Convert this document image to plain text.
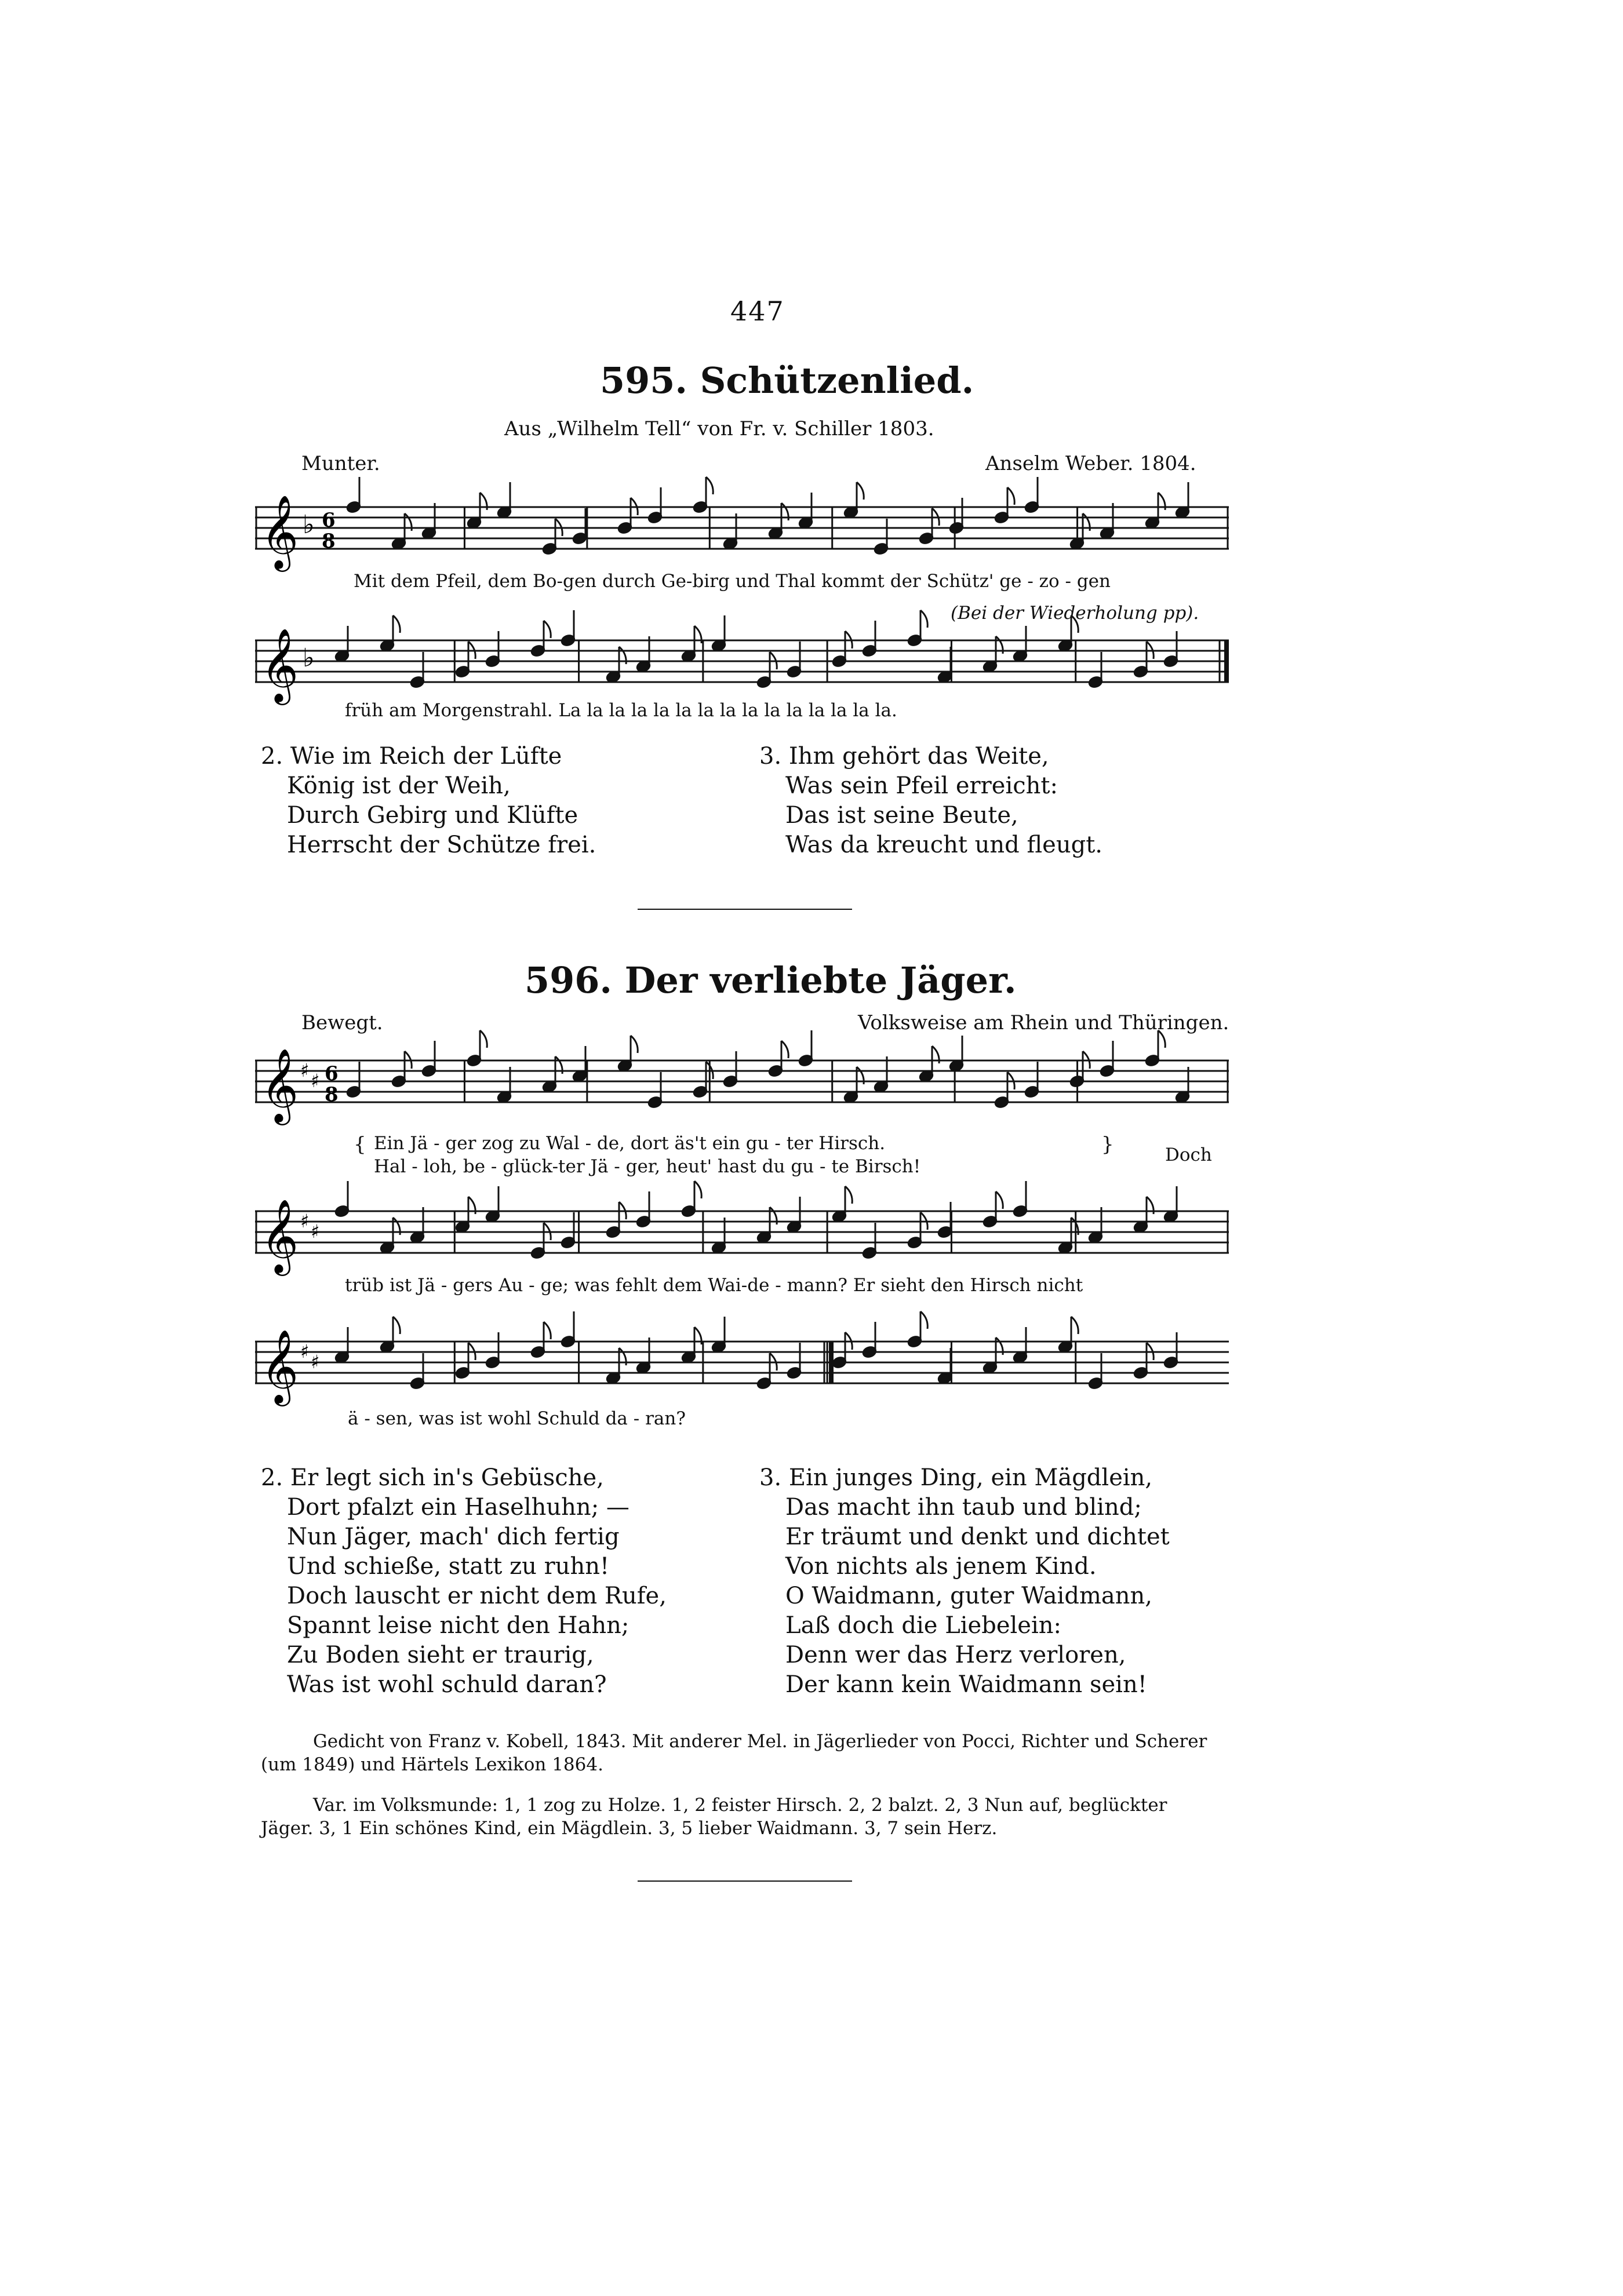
447
595. Schützenlied.
Aus „Wilhelm Tell“ von Fr. v. Schiller 1803.
Munter.	Anselm Weber. 1804.
𝄞 ♭ 6
8
Mit dem Pfeil, dem Bo-gen durch Ge-birg und Thal kommt der Schütz' ge - zo - gen
(Bei der Wiederholung pp).
𝄞 ♭
früh am Morgenstrahl. La la la la la la la la la la la la la la la.
2. Wie im Reich der Lüfte
König ist der Weih,
Durch Gebirg und Klüfte
Herrscht der Schütze frei.
3. Ihm gehört das Weite,
Was sein Pfeil erreicht:
Das ist seine Beute,
Was da kreucht und fleugt.
596. Der verliebte Jäger.
Bewegt.	Volksweise am Rhein und Thüringen.
𝄞 ♯ ♯ 6
8
{ Ein Jä - ger zog zu Wal - de, dort äs't ein gu - ter Hirsch.
Hal - loh, be - glück-ter Jä - ger, heut' hast du gu - te Birsch!
}	Doch
𝄞 ♯ ♯
trüb ist Jä - gers Au - ge; was fehlt dem Wai-de - mann? Er sieht den Hirsch nicht
𝄞 ♯ ♯
ä - sen, was ist wohl Schuld da - ran?
2. Er legt sich in's Gebüsche,
Dort pfalzt ein Haselhuhn; —
Nun Jäger, mach' dich fertig
Und schieße, statt zu ruhn!
Doch lauscht er nicht dem Rufe,
Spannt leise nicht den Hahn;
Zu Boden sieht er traurig,
Was ist wohl schuld daran?
3. Ein junges Ding, ein Mägdlein,
Das macht ihn taub und blind;
Er träumt und denkt und dichtet
Von nichts als jenem Kind.
O Waidmann, guter Waidmann,
Laß doch die Liebelein:
Denn wer das Herz verloren,
Der kann kein Waidmann sein!
Gedicht von Franz v. Kobell, 1843. Mit anderer Mel. in Jägerlieder von Pocci, Richter und Scherer (um 1849) und Härtels Lexikon 1864.
Var. im Volksmunde: 1, 1 zog zu Holze. 1, 2 feister Hirsch. 2, 2 balzt. 2, 3 Nun auf, beglückter Jäger. 3, 1 Ein schönes Kind, ein Mägdlein. 3, 5 lieber Waidmann. 3, 7 sein Herz.
